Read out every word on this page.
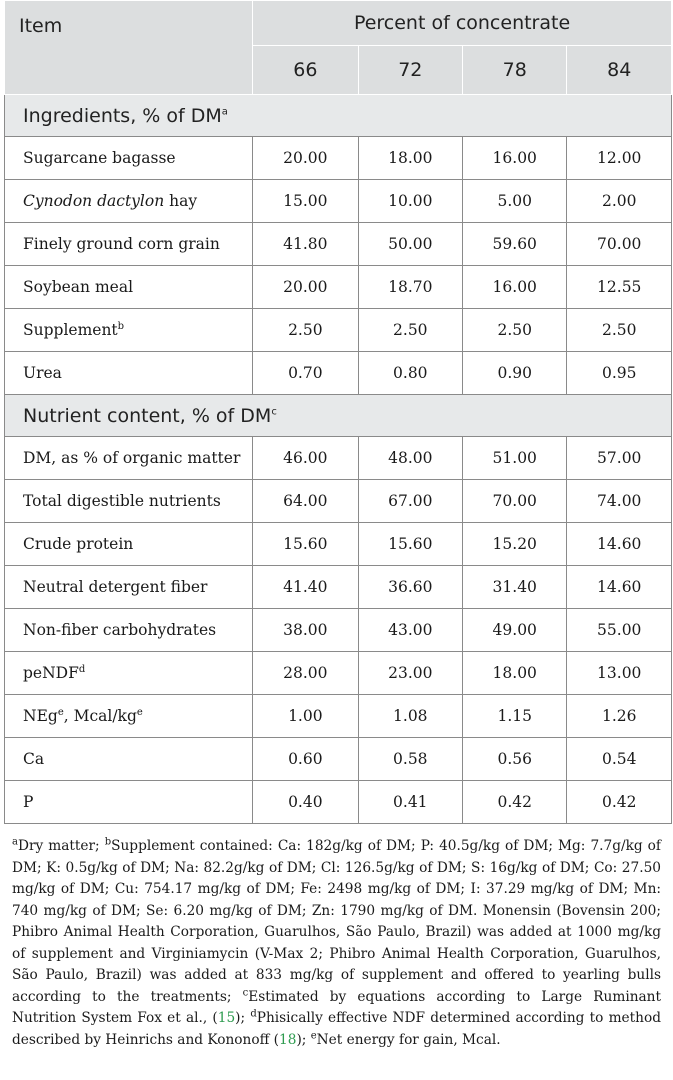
Item	Percent of concentrate			
	66	72	78	84
Ingredients, % of $DM^a$
Sugarcane bagasse	20.00	18.00	16.00	12.00
Cynodon dactylon hay	15.00	10.00	5.00	2.00
Finely ground corn grain	41.80	50.00	59.60	70.00
Soybean meal	20.00	18.70	16.00	12.55
Supplement$^b$	2.50	2.50	2.50	2.50
Urea	0.70	0.80	0.90	0.95
Nutrient content, % of $DM^c$
DM, as % of organic matter	46.00	48.00	51.00	57.00
Total digestible nutrients	64.00	67.00	70.00	74.00
Crude protein	15.60	15.60	15.20	14.60
Neutral detergent fiber	41.40	36.60	31.40	14.60
Non-fiber carbohydrates	38.00	43.00	49.00	55.00
peNDF$^d$	28.00	23.00	18.00	13.00
NEg$^e$, Mcal/$kg^e$	1.00	1.08	1.15	1.26
Ca	0.60	0.58	0.56	0.54
P	0.40	0.41	0.42	0.42
$^a$Dry matter; $^b$Supplement contained: Ca: 182g/kg of DM; P: 40.5g/kg of DM; Mg: 7.7g/kg of DM; K: 0.5g/kg of DM; Na: 82.2g/kg of DM; Cl: 126.5g/kg of DM; S: 16g/kg of DM; Co: 27.50 mg/kg of DM; Cu: 754.17 mg/kg of DM; Fe: 2498 mg/kg of DM; I: 37.29 mg/kg of DM; Mn: 740 mg/kg of DM; Se: 6.20 mg/kg of DM; Zn: 1790 mg/kg of DM. Monensin (Bovensin 200; Phibro Animal Health Corporation, Guarulhos, São Paulo, Brazil) was added at 1000 mg/kg of supplement and Virginiamycin (V-Max 2; Phibro Animal Health Corporation, Guarulhos, São Paulo, Brazil) was added at 833 mg/kg of supplement and offered to yearling bulls according to the treatments; $^c$Estimated by equations according to Large Ruminant Nutrition System Fox et al., (15); $^d$Phisically effective NDF determined according to method described by Heinrichs and Kononoff (18); $^e$Net energy for gain, Mcal.
